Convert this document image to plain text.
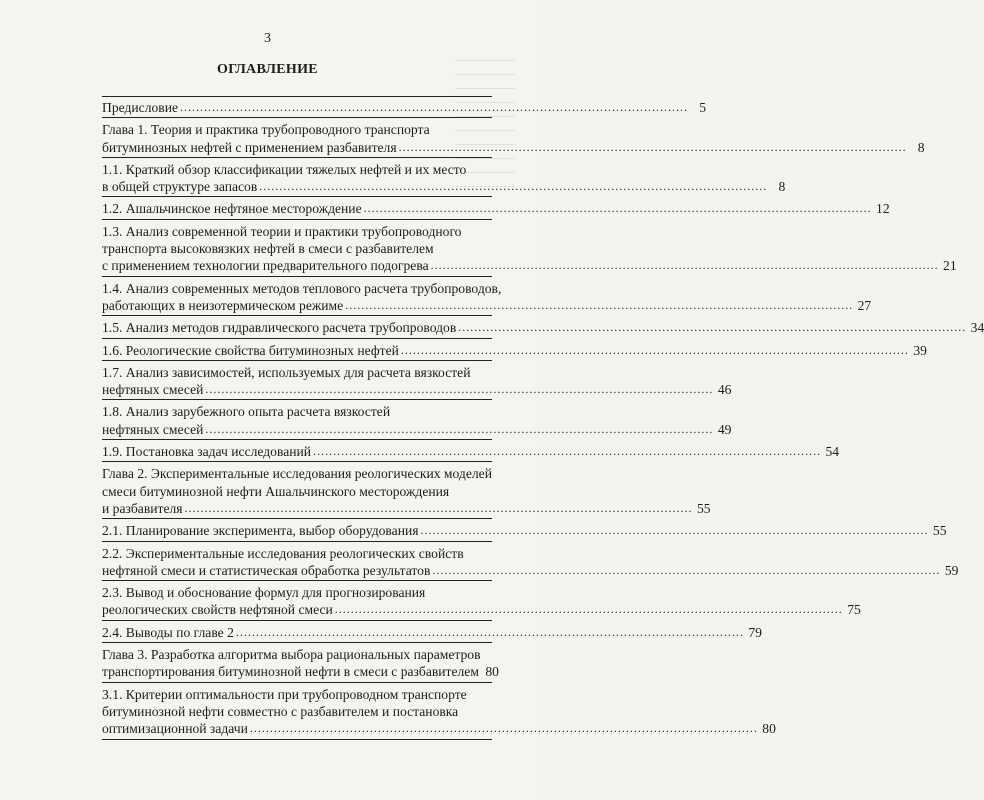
3
ОГЛАВЛЕНИЕ
Предисловие ............................................................................................................................... 5
Глава 1. Теория и практика трубопроводного транспорта
битуминозных нефтей с применением разбавителя ............................................................................................................................... 8
1.1. Краткий обзор классификации тяжелых нефтей и их место
в общей структуре запасов ............................................................................................................................... 8
1.2. Ашальчинское нефтяное месторождение ............................................................................................................................... 12
1.3. Анализ современной теории и практики трубопроводного
транспорта высоковязких нефтей в смеси с разбавителем
с применением технологии предварительного подогрева ............................................................................................................................... 21
1.4. Анализ современных методов теплового расчета трубопроводов,
работающих в неизотермическом режиме ............................................................................................................................... 27
1.5. Анализ методов гидравлического расчета трубопроводов ............................................................................................................................... 34
1.6. Реологические свойства битуминозных нефтей ............................................................................................................................... 39
1.7. Анализ зависимостей, используемых для расчета вязкостей
нефтяных смесей ............................................................................................................................... 46
1.8. Анализ зарубежного опыта расчета вязкостей
нефтяных смесей ............................................................................................................................... 49
1.9. Постановка задач исследований ............................................................................................................................... 54
Глава 2. Экспериментальные исследования реологических моделей
смеси битуминозной нефти Ашальчинского месторождения
и разбавителя ............................................................................................................................... 55
2.1. Планирование эксперимента, выбор оборудования ............................................................................................................................... 55
2.2. Экспериментальные исследования реологических свойств
нефтяной смеси и статистическая обработка результатов ............................................................................................................................... 59
2.3. Вывод и обоснование формул для прогнозирования
реологических свойств нефтяной смеси ............................................................................................................................... 75
2.4. Выводы по главе 2 ............................................................................................................................... 79
Глава 3. Разработка алгоритма выбора рациональных параметров
транспортирования битуминозной нефти в смеси с разбавителем 80
3.1. Критерии оптимальности при трубопроводном транспорте
битуминозной нефти совместно с разбавителем и постановка
оптимизационной задачи ............................................................................................................................... 80
